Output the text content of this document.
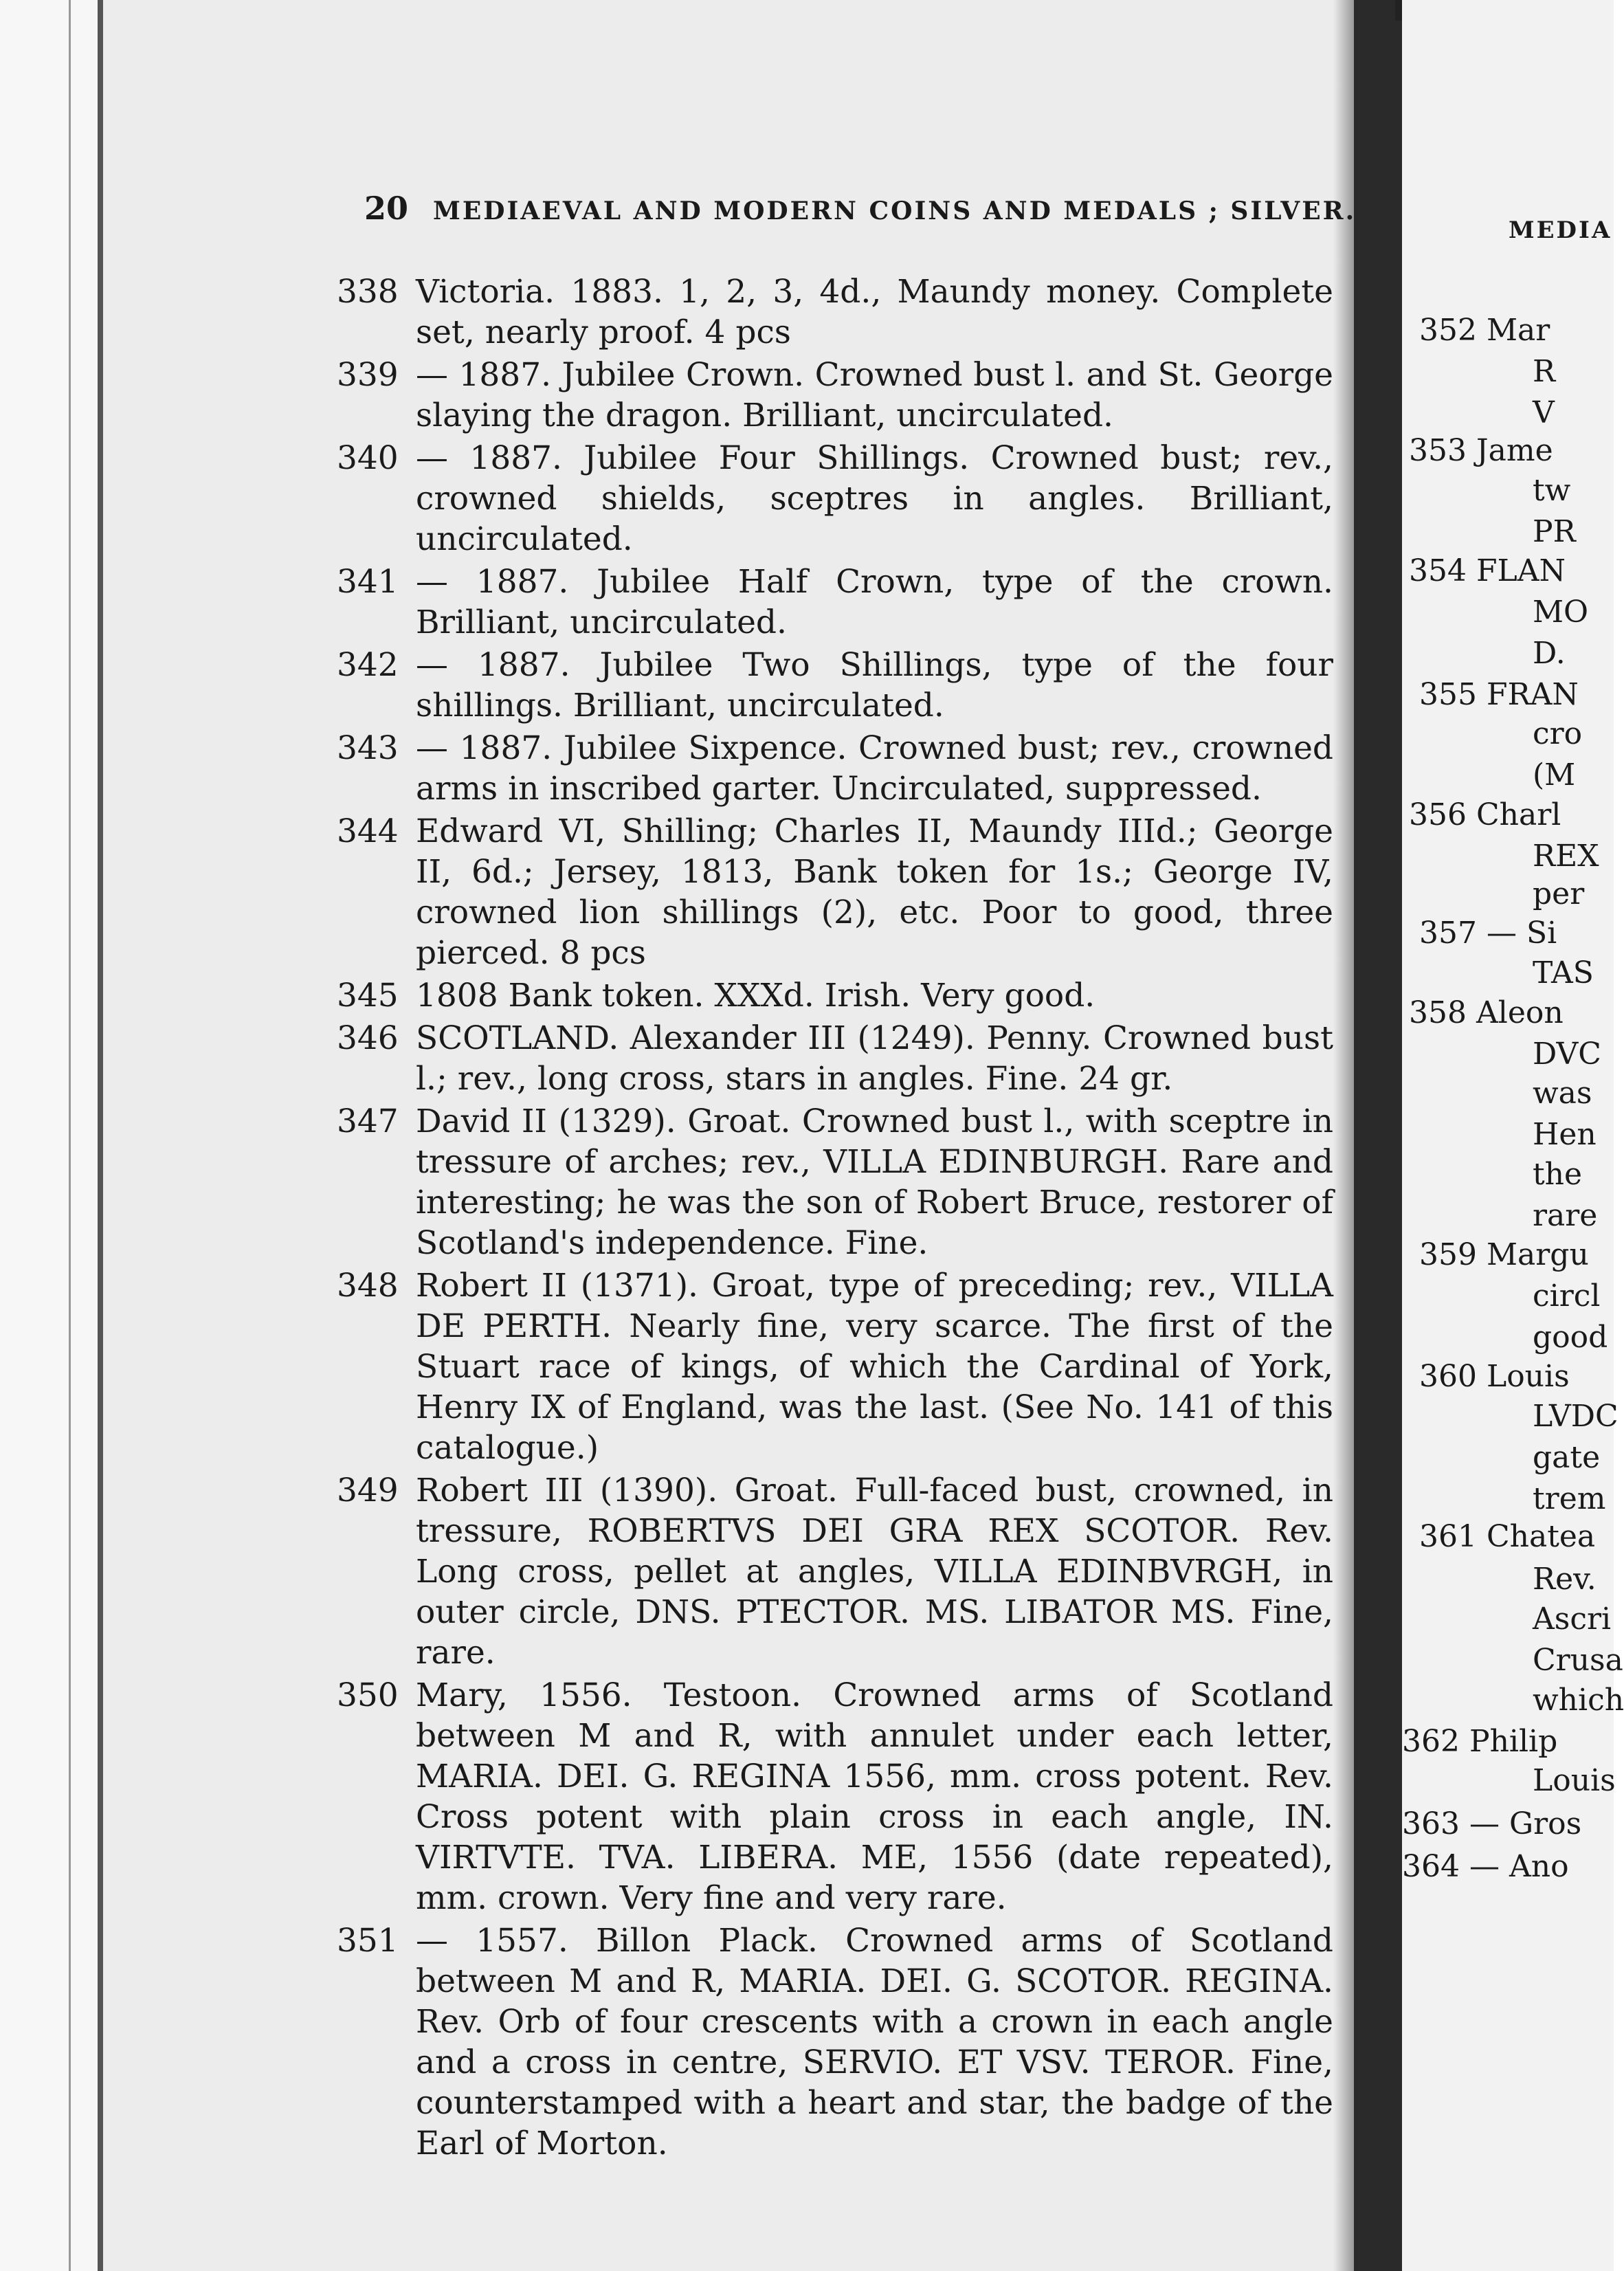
20 MEDIAEVAL AND MODERN COINS AND MEDALS ; SILVER.
338 Victoria. 1883. 1, 2, 3, 4d., Maundy money. Complete set, nearly proof. 4 pcs
339 — 1887. Jubilee Crown. Crowned bust l. and St. George slaying the dragon. Brilliant, uncirculated.
340 — 1887. Jubilee Four Shillings. Crowned bust; rev., crowned shields, sceptres in angles. Brilliant, uncirculated.
341 — 1887. Jubilee Half Crown, type of the crown. Brilliant, uncirculated.
342 — 1887. Jubilee Two Shillings, type of the four shillings. Brilliant, uncirculated.
343 — 1887. Jubilee Sixpence. Crowned bust; rev., crowned arms in inscribed garter. Uncirculated, suppressed.
344 Edward VI, Shilling; Charles II, Maundy IIId.; George II, 6d.; Jersey, 1813, Bank token for 1s.; George IV, crowned lion shillings (2), etc. Poor to good, three pierced. 8 pcs
345 1808 Bank token. XXXd. Irish. Very good.
346 SCOTLAND. Alexander III (1249). Penny. Crowned bust l.; rev., long cross, stars in angles. Fine. 24 gr.
347 David II (1329). Groat. Crowned bust l., with sceptre in tressure of arches; rev., VILLA EDINBURGH. Rare and interesting; he was the son of Robert Bruce, restorer of Scotland's independence. Fine.
348 Robert II (1371). Groat, type of preceding; rev., VILLA DE PERTH. Nearly fine, very scarce. The first of the Stuart race of kings, of which the Cardinal of York, Henry IX of England, was the last. (See No. 141 of this catalogue.)
349 Robert III (1390). Groat. Full-faced bust, crowned, in tressure, ROBERTVS DEI GRA REX SCOTOR. Rev. Long cross, pellet at angles, VILLA EDINBVRGH, in outer circle, DNS. PTECTOR. MS. LIBATOR MS. Fine, rare.
350 Mary, 1556. Testoon. Crowned arms of Scotland between M and R, with annulet under each letter, MARIA. DEI. G. REGINA 1556, mm. cross potent. Rev. Cross potent with plain cross in each angle, IN. VIRTVTE. TVA. LIBERA. ME, 1556 (date repeated), mm. crown. Very fine and very rare.
351 — 1557. Billon Plack. Crowned arms of Scotland between M and R, MARIA. DEI. G. SCOTOR. REGINA. Rev. Orb of four crescents with a crown in each angle and a cross in centre, SERVIO. ET VSV. TEROR. Fine, counterstamped with a heart and star, the badge of the Earl of Morton.
MEDIA
352 Mar
R
V
353 Jame
tw
PR
354 FLAN
MO
D.
355 FRAN
cro
(M
356 Charl
REX
per
357 — Si
TAS
358 Aleon
DVC
was
Hen
the
rare
359 Margu
circl
good
360 Louis
LVDC
gate
trem
361 Chatea
Rev.
Ascri
Crusa
which
362 Philip
Louis
363 — Gros
364 — Ano
